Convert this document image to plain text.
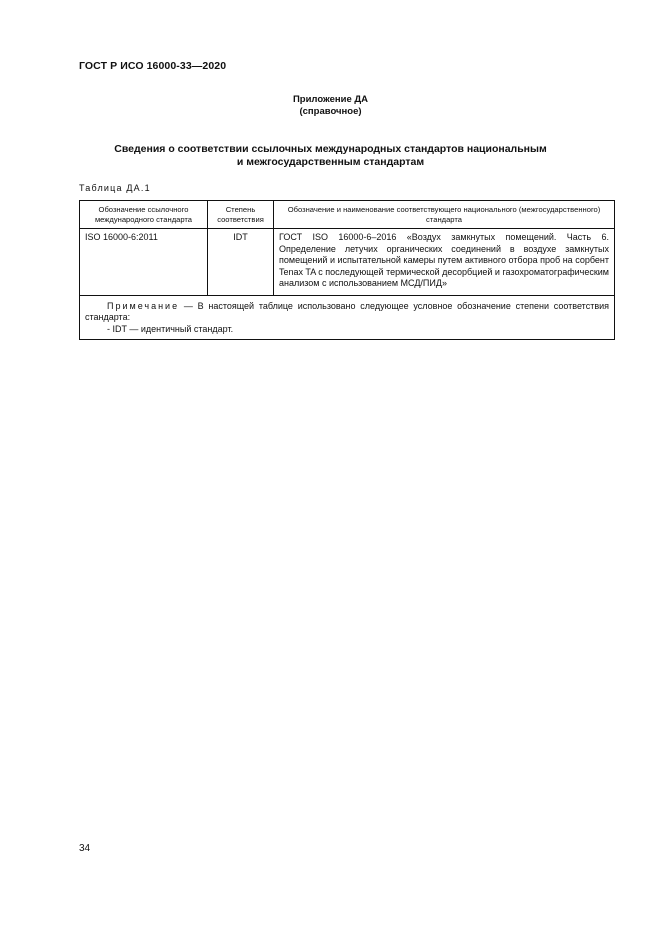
ГОСТ Р ИСО 16000-33—2020
Приложение ДА
(справочное)
Сведения о соответствии ссылочных международных стандартов национальным
и межгосударственным стандартам
Таблица ДА.1
Обозначение ссылочного международного стандарта	Степень соответствия	Обозначение и наименование соответствующего национального (межгосударственного) стандарта
ISO 16000-6:2011	IDT	ГОСТ ISO 16000-6–2016 «Воздух замкнутых помещений. Часть 6. Определение летучих органических соединений в воздухе замкнутых помещений и испытательной камеры путем активного отбора проб на сорбент Tenax TA с последующей термической десорбцией и газохроматографическим анализом с использованием МСД/ПИД»

Примечание — В настоящей таблице использовано следующее условное обозначение степени соответствия стандарта:
- IDT — идентичный стандарт.		
34
